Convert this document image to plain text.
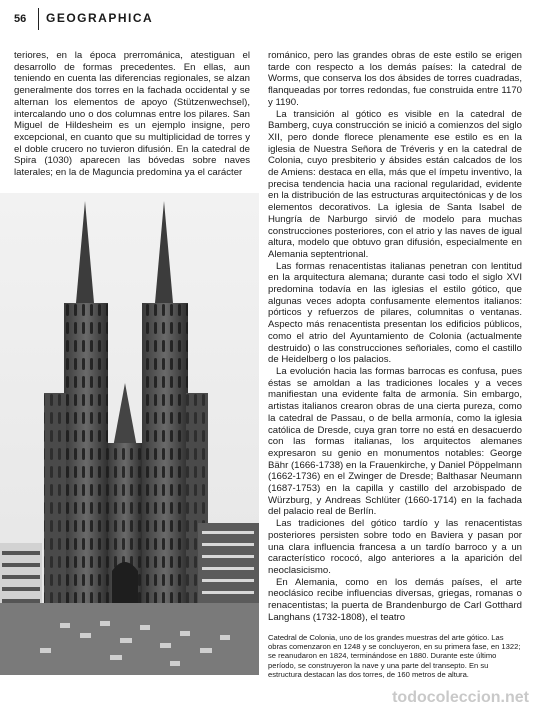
56 GEOGRAPHICA

teriores, en la época prerrománica, atestiguan el desarrollo de formas precedentes. En ellas, aun teniendo en cuenta las diferencias regionales, se alzan generalmente dos torres en la fachada occidental y se alternan los elementos de apoyo (Stützenwechsel), intercalando uno o dos columnas entre los pilares. San Miguel de Hildesheim es un ejemplo insigne, pero excepcional, en cuanto que su multiplicidad de torres y el doble crucero no tuvieron difusión. En la catedral de Spira (1030) aparecen las bóvedas sobre naves laterales; en la de Maguncia predomina ya el carácter

románico, pero las grandes obras de este estilo se erigen tarde con respecto a los demás países: la catedral de Worms, que conserva los dos ábsides de torres cuadradas, flanqueadas por torres redondas, fue construida entre 1170 y 1190.

La transición al gótico es visible en la catedral de Bamberg, cuya construcción se inició a comienzos del siglo XII, pero donde florece plenamente ese estilo es en la iglesia de Nuestra Señora de Tréveris y en la catedral de Colonia, cuyo presbiterio y ábsides están calcados de los de Amiens: destaca en ella, más que el ímpetu inventivo, la precisa tendencia hacia una racional regularidad, evidente en la distribución de las estructuras arquitectónicas y de los elementos decorativos. La iglesia de Santa Isabel de Hungría de Narburgo sirvió de modelo para muchas construcciones posteriores, con el atrio y las naves de igual altura, modelo que obtuvo gran difusión, especialmente en Alemania septentrional.

Las formas renacentistas italianas penetran con lentitud en la arquitectura alemana; durante casi todo el siglo XVI predomina todavía en las iglesias el estilo gótico, que algunas veces adopta confusamente elementos italianos: pórticos y refuerzos de pilares, columnitas o ventanas. Aspecto más renacentista presentan los edificios públicos, como el atrio del Ayuntamiento de Colonia (actualmente destruido) o las construcciones señoriales, como el castillo de Heidelberg o los palacios.

La evolución hacia las formas barrocas es confusa, pues éstas se amoldan a las tradiciones locales y a veces manifiestan una evidente falta de armonía. Sin embargo, artistas italianos crearon obras de una cierta pureza, como la catedral de Passau, o de bella armonía, como la iglesia católica de Dresde, cuya gran torre no está en desacuerdo con las formas italianas, los arquitectos alemanes expresaron su genio en monumentos notables: George Bähr (1666-1738) en la Frauenkirche, y Daniel Pöppelmann (1662-1736) en el Zwinger de Dresde; Balthasar Neumann (1687-1753) en la capilla y castillo del arzobispado de Würzburg, y Andreas Schlüter (1660-1714) en la fachada del palacio real de Berlín.

Las tradiciones del gótico tardío y las renacentistas posteriores persisten sobre todo en Baviera y pasan por una clara influencia francesa a un tardío barroco y a un característico rococó, algo anteriores a la aparición del neoclasicismo.

En Alemania, como en los demás países, el arte neoclásico recibe influencias diversas, griegas, romanas o renacentistas; la puerta de Brandenburgo de Carl Gotthard Langhans (1732-1808), el teatro

Catedral de Colonia, uno de los grandes muestras del arte gótico. Las obras comenzaron en 1248 y se concluyeron, en su primera fase, en 1322; se reanudaron en 1824, terminándose en 1880. Durante este último período, se construyeron la nave y una parte del transepto. En su estructura destacan las dos torres, de 160 metros de altura.
todocoleccion.net
